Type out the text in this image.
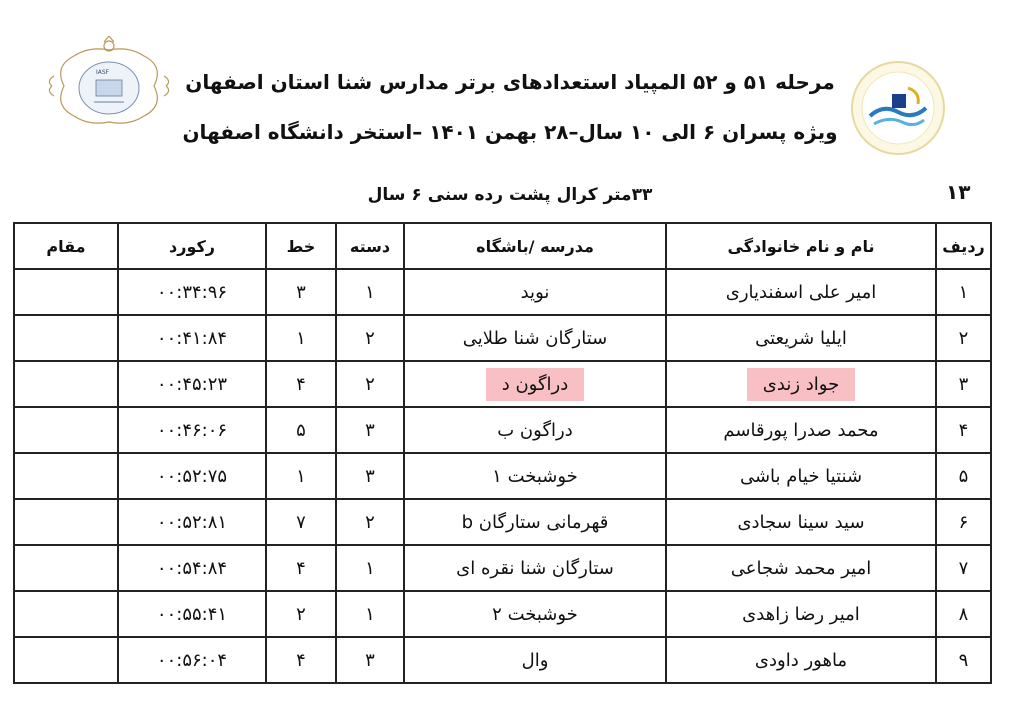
IASF	مرحله ۵۱ و ۵۲ المپیاد استعدادهای برتر مدارس شنا استان اصفهان
ویژه پسران ۶ الی ۱۰ سال–۲۸ بهمن ۱۴۰۱ –استخر دانشگاه اصفهان
۳۳متر کرال پشت رده سنی ۶ سال	۱۳
ردیف	نام و نام خانوادگی	مدرسه /باشگاه	دسته	خط	رکورد	مقام
۱	امیر علی اسفندیاری	نوید	۱	۳	۰۰:۳۴:۹۶	
۲	ایلیا شریعتی	ستارگان شنا طلایی	۲	۱	۰۰:۴۱:۸۴	
۳	جواد زندی	دراگون د	۲	۴	۰۰:۴۵:۲۳	
۴	محمد صدرا پورقاسم	دراگون ب	۳	۵	۰۰:۴۶:۰۶	
۵	شنتیا خیام باشی	خوشبخت ۱	۳	۱	۰۰:۵۲:۷۵	
۶	سید سینا سجادی	قهرمانی ستارگان b	۲	۷	۰۰:۵۲:۸۱	
۷	امیر محمد شجاعی	ستارگان شنا نقره ای	۱	۴	۰۰:۵۴:۸۴	
۸	امیر رضا زاهدی	خوشبخت ۲	۱	۲	۰۰:۵۵:۴۱	
۹	ماهور داودی	وال	۳	۴	۰۰:۵۶:۰۴	
